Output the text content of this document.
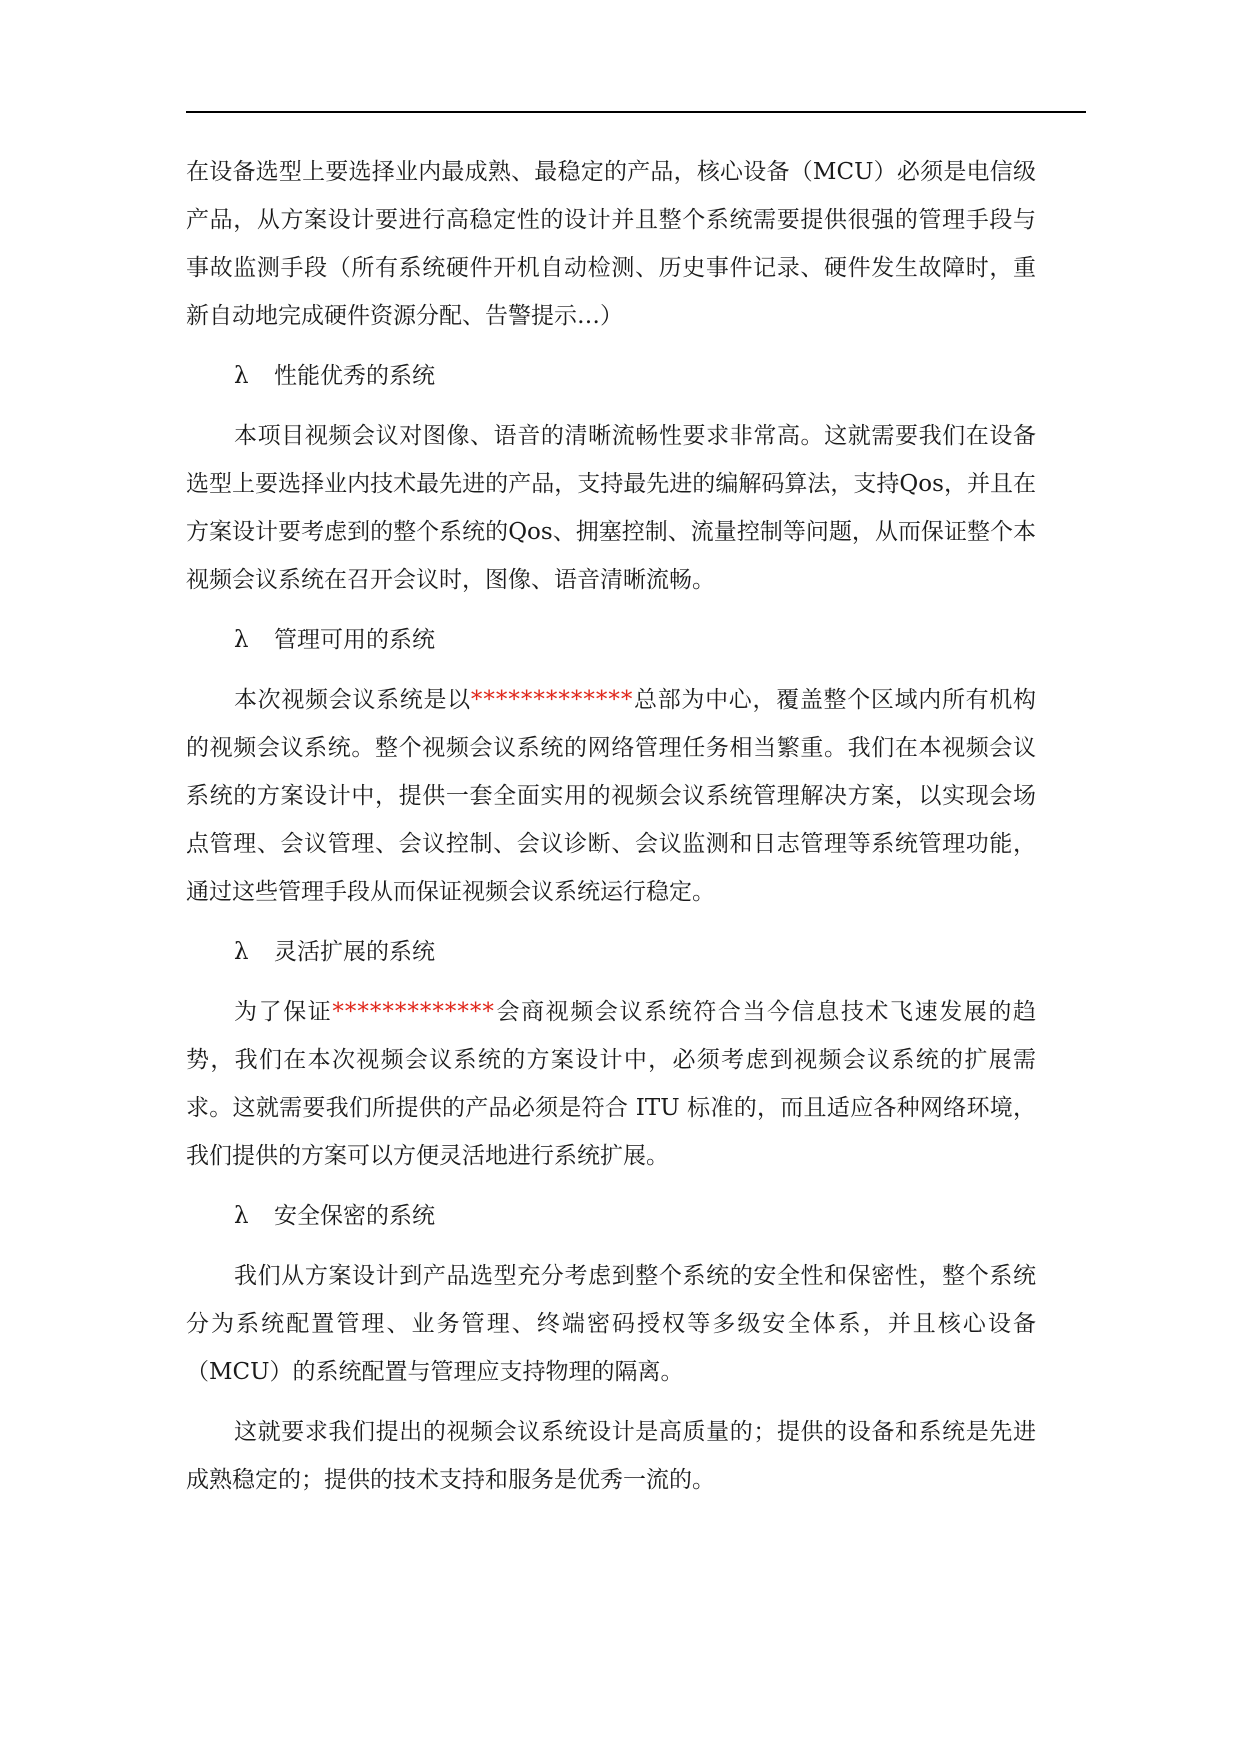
在设备选型上要选择业内最成熟、最稳定的产品，核心设备（MCU）必须是电信级产品，从方案设计要进行高稳定性的设计并且整个系统需要提供很强的管理手段与事故监测手段（所有系统硬件开机自动检测、历史事件记录、硬件发生故障时，重新自动地完成硬件资源分配、告警提示…）

λ	性能优秀的系统

本项目视频会议对图像、语音的清晰流畅性要求非常高。这就需要我们在设备选型上要选择业内技术最先进的产品，支持最先进的编解码算法，支持Qos，并且在方案设计要考虑到的整个系统的Qos、拥塞控制、流量控制等问题，从而保证整个本视频会议系统在召开会议时，图像、语音清晰流畅。

λ	管理可用的系统

本次视频会议系统是以*************总部为中心，覆盖整个区域内所有机构的视频会议系统。整个视频会议系统的网络管理任务相当繁重。我们在本视频会议系统的方案设计中，提供一套全面实用的视频会议系统管理解决方案，以实现会场点管理、会议管理、会议控制、会议诊断、会议监测和日志管理等系统管理功能，通过这些管理手段从而保证视频会议系统运行稳定。

λ	灵活扩展的系统

为了保证*************会商视频会议系统符合当今信息技术飞速发展的趋势，我们在本次视频会议系统的方案设计中，必须考虑到视频会议系统的扩展需求。这就需要我们所提供的产品必须是符合 ITU 标准的，而且适应各种网络环境，我们提供的方案可以方便灵活地进行系统扩展。

λ	安全保密的系统

我们从方案设计到产品选型充分考虑到整个系统的安全性和保密性，整个系统分为系统配置管理、业务管理、终端密码授权等多级安全体系，并且核心设备（MCU）的系统配置与管理应支持物理的隔离。

这就要求我们提出的视频会议系统设计是高质量的；提供的设备和系统是先进成熟稳定的；提供的技术支持和服务是优秀一流的。
